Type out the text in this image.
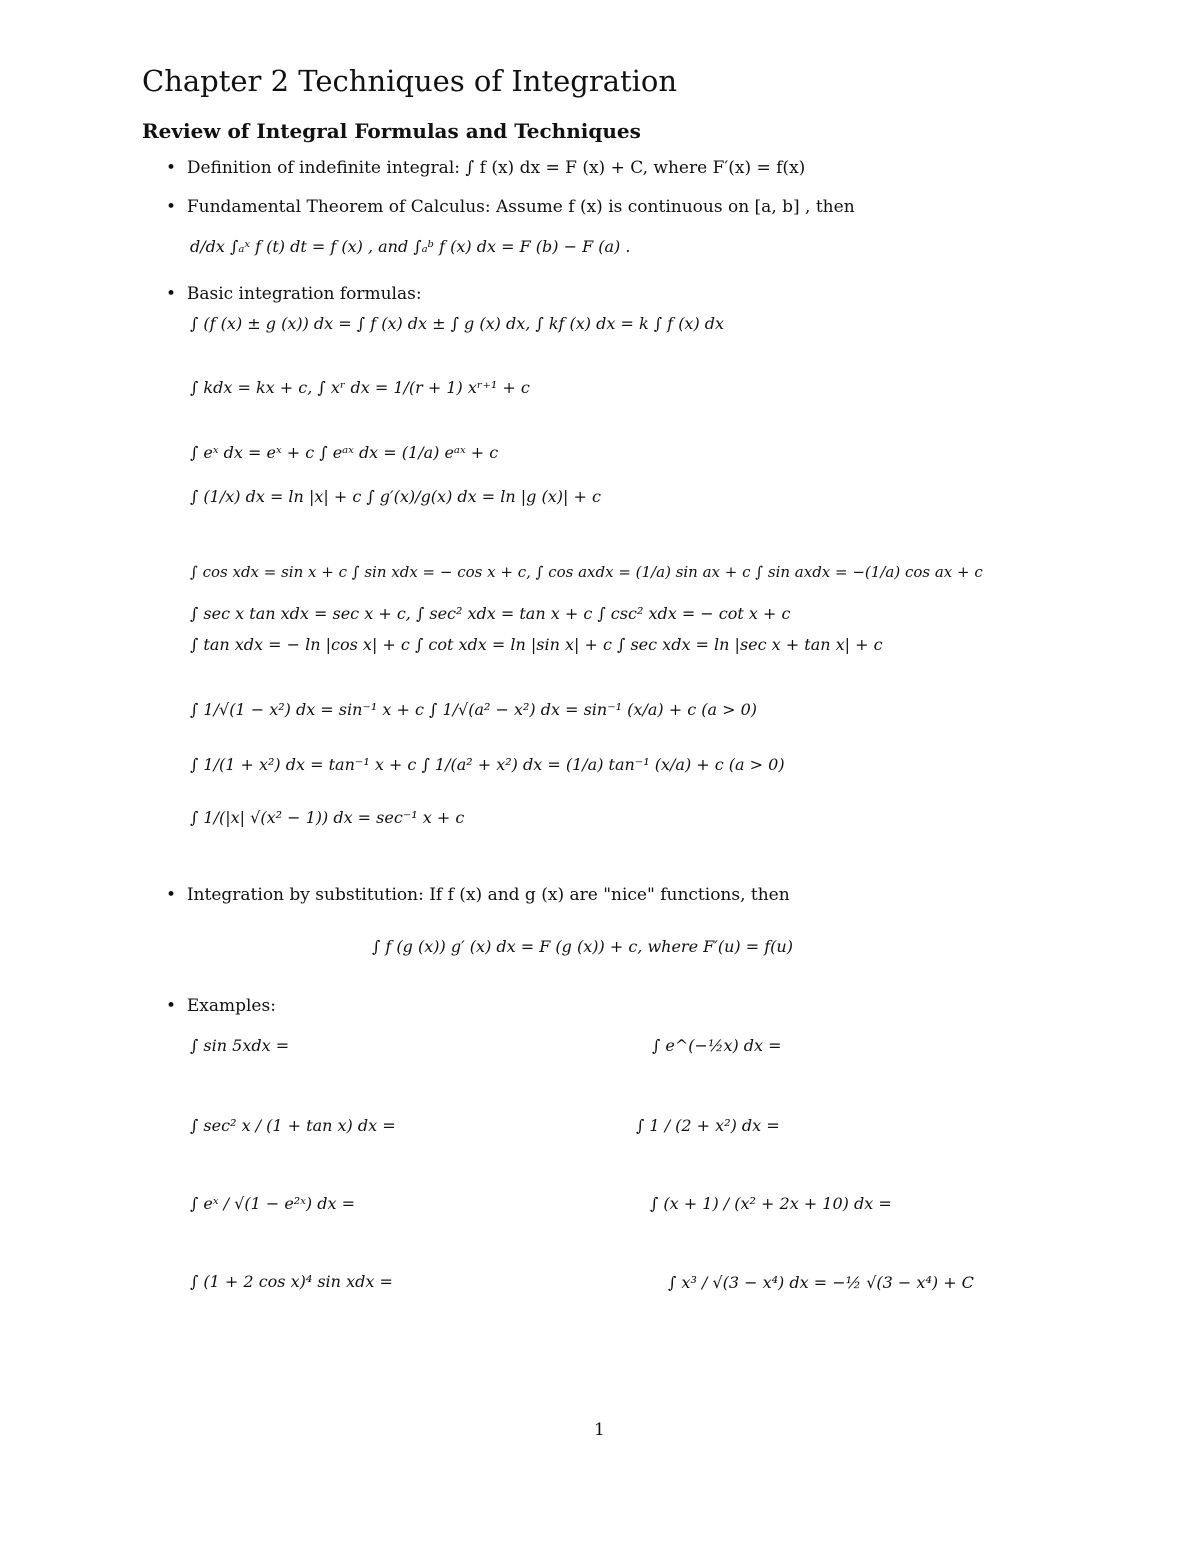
Chapter 2 Techniques of Integration
Review of Integral Formulas and Techniques
•  Definition of indefinite integral: ∫ f (x) dx = F (x) + C, where F′(x) = f(x)
•  Fundamental Theorem of Calculus: Assume f (x) is continuous on [a, b] , then
d/dx ∫ₐˣ f (t) dt = f (x) , and ∫ₐᵇ f (x) dx = F (b) − F (a) .
•  Basic integration formulas:
∫ (f (x) ± g (x)) dx = ∫ f (x) dx ± ∫ g (x) dx, ∫ kf (x) dx = k ∫ f (x) dx
∫ kdx = kx + c, ∫ xʳ dx = 1/(r + 1) xʳ⁺¹ + c
∫ eˣ dx = eˣ + c ∫ eᵃˣ dx = (1/a) eᵃˣ + c
∫ (1/x) dx = ln |x| + c ∫ g′(x)/g(x) dx = ln |g (x)| + c
∫ cos xdx = sin x + c ∫ sin xdx = − cos x + c, ∫ cos axdx = (1/a) sin ax + c ∫ sin axdx = −(1/a) cos ax + c
∫ sec x tan xdx = sec x + c, ∫ sec² xdx = tan x + c ∫ csc² xdx = − cot x + c
∫ tan xdx = − ln |cos x| + c ∫ cot xdx = ln |sin x| + c ∫ sec xdx = ln |sec x + tan x| + c
∫ 1/√(1 − x²) dx = sin⁻¹ x + c ∫ 1/√(a² − x²) dx = sin⁻¹ (x/a) + c (a > 0)
∫ 1/(1 + x²) dx = tan⁻¹ x + c ∫ 1/(a² + x²) dx = (1/a) tan⁻¹ (x/a) + c (a > 0)
∫ 1/(|x| √(x² − 1)) dx = sec⁻¹ x + c
•  Integration by substitution: If f (x) and g (x) are "nice" functions, then
∫ f (g (x)) g′ (x) dx = F (g (x)) + c, where F′(u) = f(u)
•  Examples:
∫ sin 5xdx =
∫ sec² x / (1 + tan x) dx =
∫ eˣ / √(1 − e²ˣ) dx =
∫ (1 + 2 cos x)⁴ sin xdx =
∫ e^(−½x) dx =
∫ 1 / (2 + x²) dx =
∫ (x + 1) / (x² + 2x + 10) dx =
∫ x³ / √(3 − x⁴) dx = −½ √(3 − x⁴) + C
1
